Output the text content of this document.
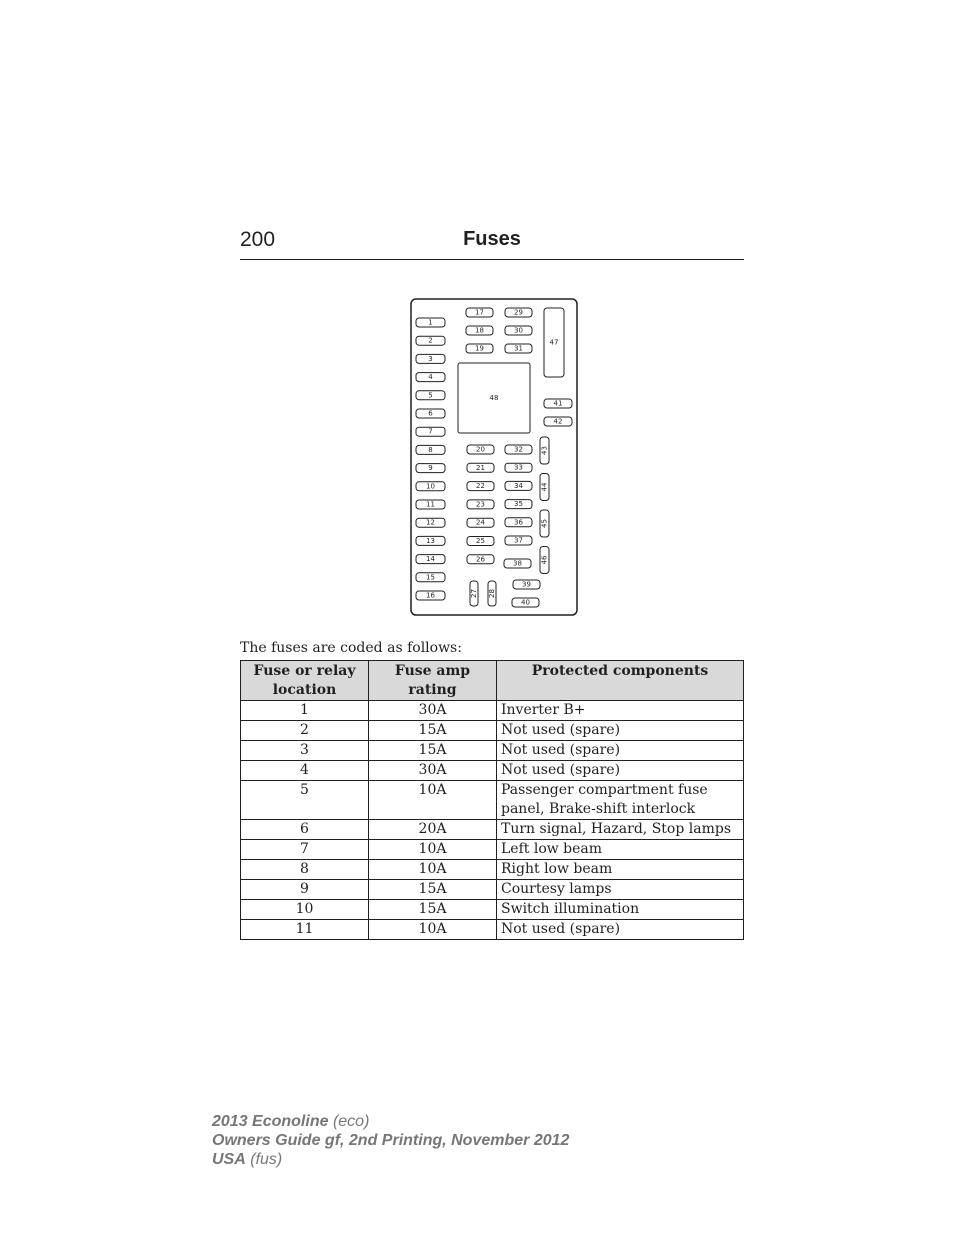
200	Fuses
1
2
3
4
5
6
7
8
9
10
11
12
13
14
15
16
17	29
18	30
19	31
20
21
22
23
24
25
26
32
33
34
35
36
37
38
27 28
39
40
41
42
43
44
45
46
47
48
The fuses are coded as follows:
Fuse or relay location	Fuse amp rating	Protected components
1	30A	Inverter B+
2	15A	Not used (spare)
3	15A	Not used (spare)
4	30A	Not used (spare)
5	10A	Passenger compartment fuse panel, Brake-shift interlock
6	20A	Turn signal, Hazard, Stop lamps
7	10A	Left low beam
8	10A	Right low beam
9	15A	Courtesy lamps
10	15A	Switch illumination
11	10A	Not used (spare)
2013 Econoline (eco)
Owners Guide gf, 2nd Printing, November 2012
USA (fus)
